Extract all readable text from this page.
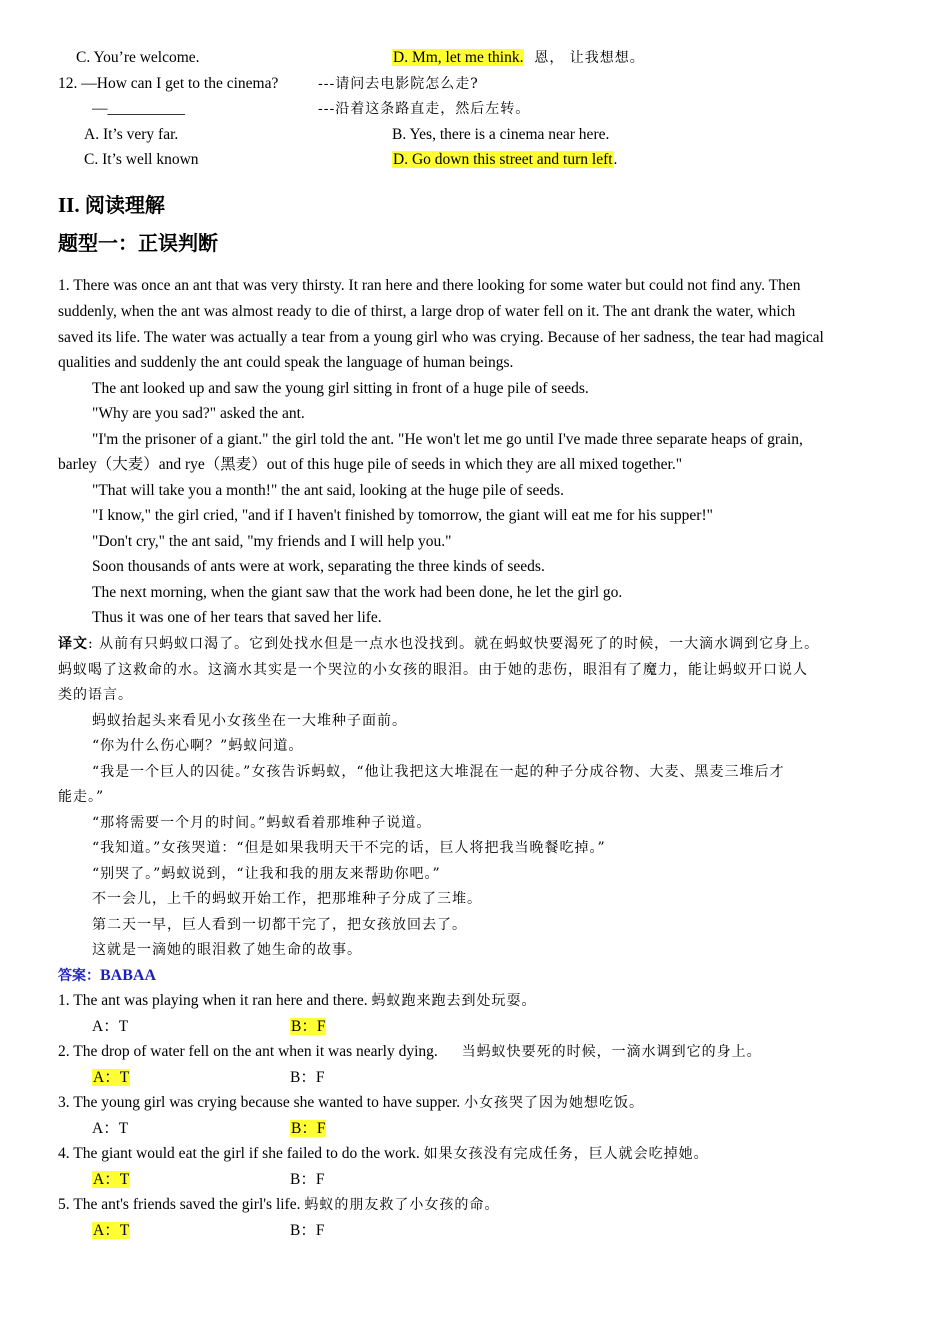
C. You’re welcome.	D. Mm, let me think. 恩， 让我想想。
12. —How can I get to the cinema?	---请问去电影院怎么走?
—__________	---沿着这条路直走，然后左转。
A. It’s very far.	B. Yes, there is a cinema near here.
C. It’s well known	D. Go down this street and turn left.
II. 阅读理解
题型一：正误判断
1. There was once an ant that was very thirsty. It ran here and there looking for some water but could not find any. Then
suddenly, when the ant was almost ready to die of thirst, a large drop of water fell on it. The ant drank the water, which
saved its life. The water was actually a tear from a young girl who was crying. Because of her sadness, the tear had magical
qualities and suddenly the ant could speak the language of human beings.
The ant looked up and saw the young girl sitting in front of a huge pile of seeds.
"Why are you sad?" asked the ant.
"I'm the prisoner of a giant." the girl told the ant. "He won't let me go until I've made three separate heaps of grain,
barley（大麦）and rye（黑麦）out of this huge pile of seeds in which they are all mixed together."
"That will take you a month!" the ant said, looking at the huge pile of seeds.
"I know," the girl cried, "and if I haven't finished by tomorrow, the giant will eat me for his supper!"
"Don't cry," the ant said, "my friends and I will help you."
Soon thousands of ants were at work, separating the three kinds of seeds.
The next morning, when the giant saw that the work had been done, he let the girl go.
Thus it was one of her tears that saved her life.
译文: 从前有只蚂蚁口渴了。它到处找水但是一点水也没找到。就在蚂蚁快要渴死了的时候，一大滴水调到它身上。
蚂蚁喝了这救命的水。这滴水其实是一个哭泣的小女孩的眼泪。由于她的悲伤，眼泪有了魔力，能让蚂蚁开口说人
类的语言。
蚂蚁抬起头来看见小女孩坐在一大堆种子面前。
“你为什么伤心啊？”蚂蚁问道。
“我是一个巨人的囚徒。”女孩告诉蚂蚁，“他让我把这大堆混在一起的种子分成谷物、大麦、黑麦三堆后才
能走。”
“那将需要一个月的时间。”蚂蚁看着那堆种子说道。
“我知道。”女孩哭道：“但是如果我明天干不完的话，巨人将把我当晚餐吃掉。”
“别哭了。”蚂蚁说到，“让我和我的朋友来帮助你吧。”
不一会儿，上千的蚂蚁开始工作，把那堆种子分成了三堆。
第二天一早，巨人看到一切都干完了，把女孩放回去了。
这就是一滴她的眼泪救了她生命的故事。
答案：BABAA
1. The ant was playing when it ran here and there. 蚂蚁跑来跑去到处玩耍。
A：T	B：F
2. The drop of water fell on the ant when it was nearly dying. 当蚂蚁快要死的时候，一滴水调到它的身上。
A：T	B：F
3. The young girl was crying because she wanted to have supper. 小女孩哭了因为她想吃饭。
A：T	B：F
4. The giant would eat the girl if she failed to do the work. 如果女孩没有完成任务，巨人就会吃掉她。
A：T	B：F
5. The ant's friends saved the girl's life. 蚂蚁的朋友救了小女孩的命。
A：T	B：F
